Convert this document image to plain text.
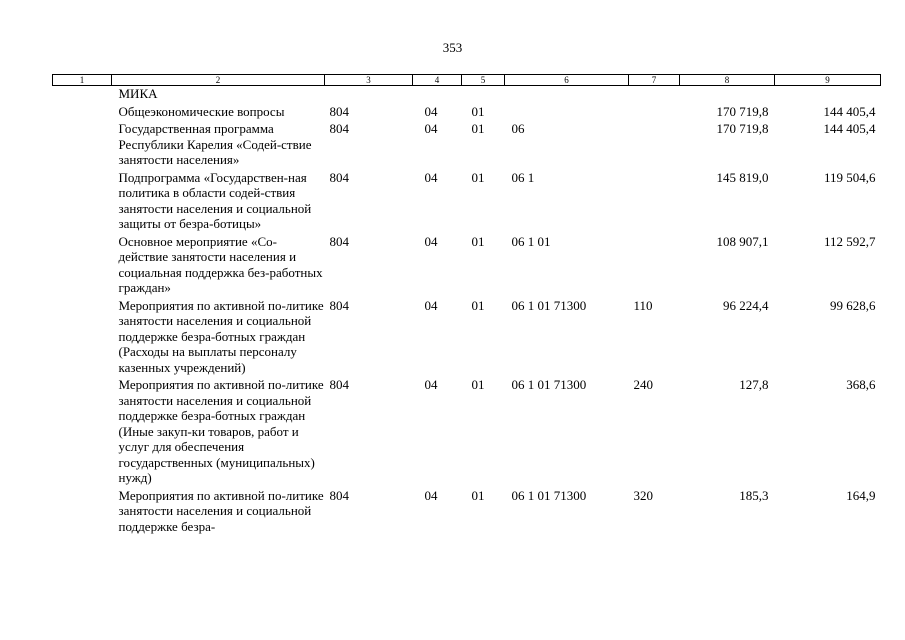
353
1	2	3	4	5	6	7	8	9
	МИКА							
	Общеэкономические вопросы	804	04	01			170 719,8	144 405,4
	Государственная программа Республики Карелия «Содей-ствие занятости населения»	804	04	01	06		170 719,8	144 405,4
	Подпрограмма «Государствен-ная политика в области содей-ствия занятости населения и социальной защиты от безра-ботицы»	804	04	01	06 1		145 819,0	119 504,6
	Основное мероприятие «Со-действие занятости населения и социальная поддержка без-работных граждан»	804	04	01	06 1 01		108 907,1	112 592,7
	Мероприятия по активной по-литике занятости населения и социальной поддержке безра-ботных граждан (Расходы на выплаты персоналу казенных учреждений)	804	04	01	06 1 01 71300	110	96 224,4	99 628,6
	Мероприятия по активной по-литике занятости населения и социальной поддержке безра-ботных граждан (Иные закуп-ки товаров, работ и услуг для обеспечения государственных (муниципальных) нужд)	804	04	01	06 1 01 71300	240	127,8	368,6
	Мероприятия по активной по-литике занятости населения и социальной поддержке безра-	804	04	01	06 1 01 71300	320	185,3	164,9
